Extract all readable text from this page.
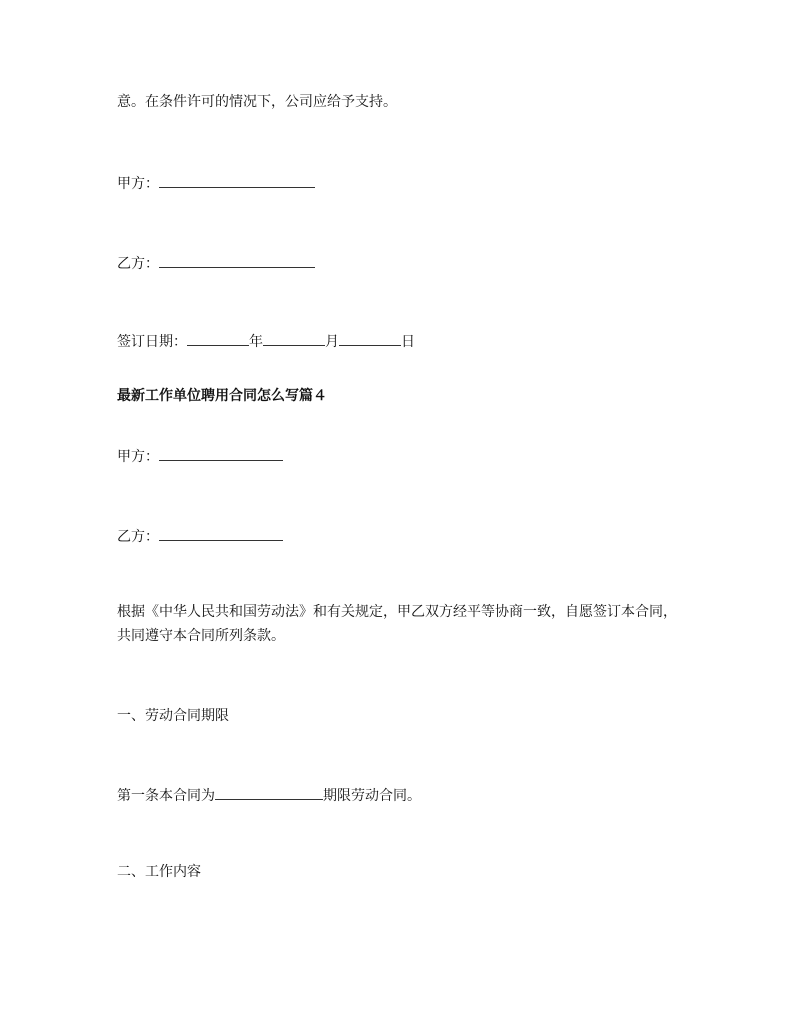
意。在条件许可的情况下，公司应给予支持。
甲方：
乙方：
签订日期：	年	月	日
最新工作单位聘用合同怎么写篇４
甲方：
乙方：
根据《中华人民共和国劳动法》和有关规定，甲乙双方经平等协商一致，自愿签订本合同，共同遵守本合同所列条款。
一、劳动合同期限
第一条本合同为	期限劳动合同。
二、工作内容
